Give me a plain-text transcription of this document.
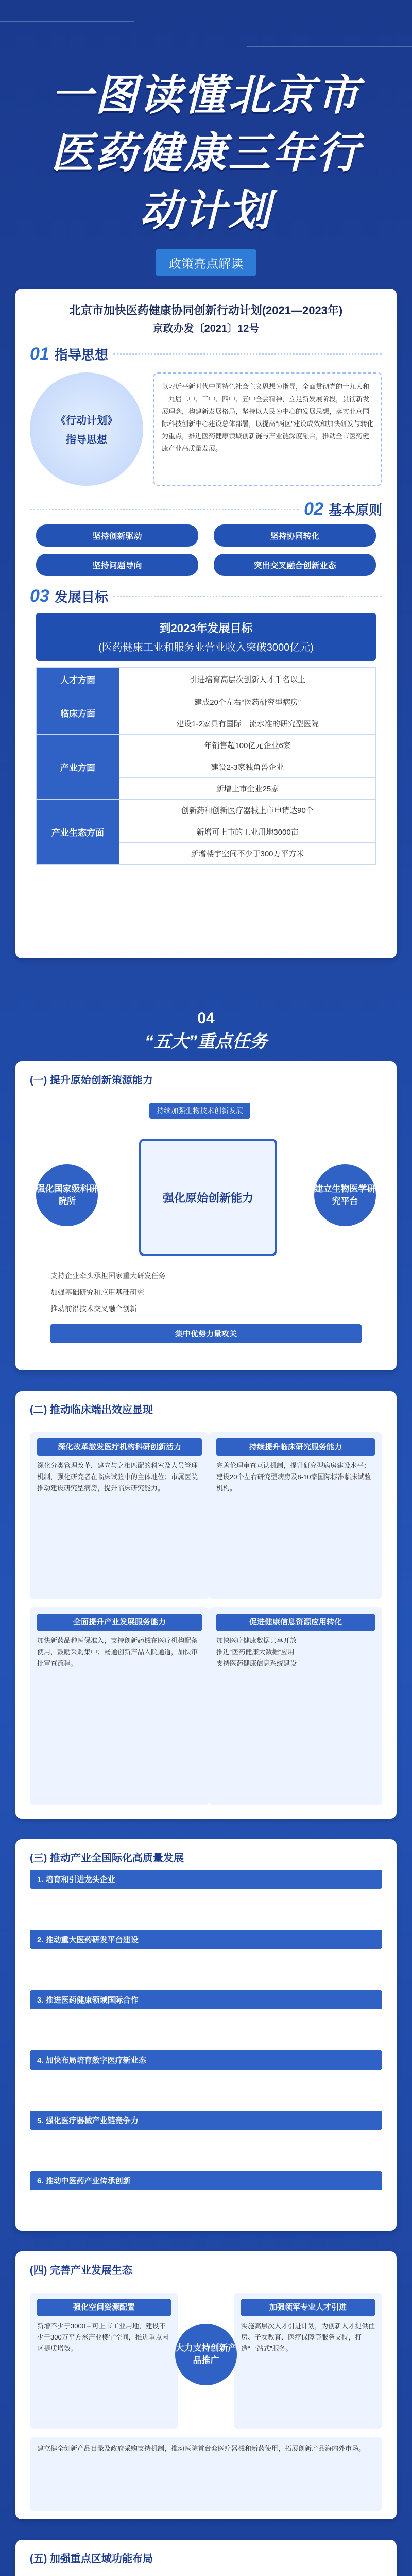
一图读懂北京市
医药健康三年行
动计划
政策亮点解读
北京市加快医药健康协同创新行动计划(2021—2023年)
京政办发〔2021〕12号
01 指导思想
《行动计划》
指导思想
以习近平新时代中国特色社会主义思想为指导，全面贯彻党的十九大和十九届二中、三中、四中、五中全会精神，立足新发展阶段，贯彻新发展理念，构建新发展格局，坚持以人民为中心的发展思想，落实北京国际科技创新中心建设总体部署，以提高“两区”建设成效和加快研发与转化为重点，推进医药健康领域创新链与产业链深度融合，推动全市医药健康产业高质量发展。
02 基本原则
坚持创新驱动	坚持协同转化
坚持问题导向	突出交叉融合创新业态
03 发展目标
到2023年发展目标
(医药健康工业和服务业营业收入突破3000亿元)
人才方面	引进培育高层次创新人才千名以上
临床方面	建成20个左右“医药研究型病房”
	建设1-2家具有国际一流水准的研究型医院
产业方面	年销售超100亿元企业6家
	建设2-3家独角兽企业
	新增上市企业25家
产业生态方面	创新药和创新医疗器械上市申请达90个
	新增可上市的工业用地3000亩
	新增楼宇空间不少于300万平方米
04
“五大”重点任务
(一) 提升原始创新策源能力
持续加强生物技术创新发展
强化国家级科研院所
建立生物医学研究平台
强化原始创新能力
支持企业牵头承担国家重大研发任务
加强基础研究和应用基础研究
推动前沿技术交叉融合创新
集中优势力量攻关
(二) 推动临床端出效应显现
深化改革激发医疗机构科研创新活力
深化分类管理改革，建立与之相匹配的科室及人员管理机制，强化研究者在临床试验中的主体地位；市属医院推动建设研究型病房，提升临床研究能力。
持续提升临床研究服务能力
完善伦理审查互认机制，提升研究型病房建设水平；建设20个左右研究型病房及8-10家国际标准临床试验机构。
全面提升产业发展服务能力
加快新药品种医保准入，支持创新药械在医疗机构配备使用，鼓励采购集中；畅通创新产品入院通道，加快审批审查流程。
促进健康信息资源应用转化
加快医疗健康数据共享开放
推进“医药健康大数据”应用
支持医药健康信息系统建设
(三) 推动产业全国际化高质量发展
1. 培育和引进龙头企业
2. 推动重大医药研发平台建设
3. 推进医药健康领域国际合作
4. 加快布局培育数字医疗新业态
5. 强化医疗器械产业链竞争力
6. 推动中医药产业传承创新
(四) 完善产业发展生态
强化空间资源配置
新增不少于3000亩可上市工业用地，建设不少于300万平方米产业楼宇空间，推进重点园区提质增效。
加强领军专业人才引进
实施高层次人才引进计划，为创新人才提供住房、子女教育、医疗保障等服务支持，打造“一站式”服务。
大力支持创新产品推广
建立健全创新产品目录及政府采购支持机制，推动医院首台套医疗器械和新药使用，拓展创新产品海内外市场。
(五) 加强重点区域功能布局
